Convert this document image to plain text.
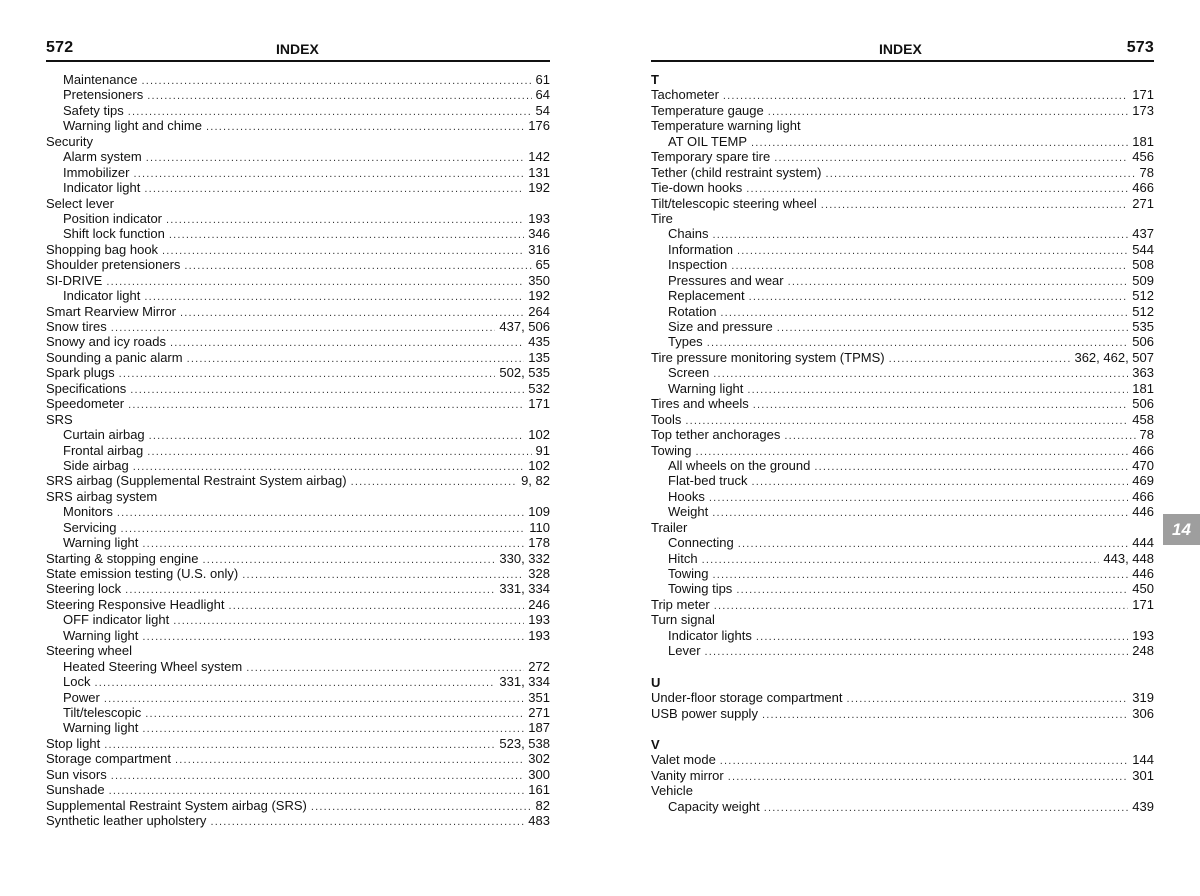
572	INDEX
Maintenance .....	61
Pretensioners .....	64
Safety tips .....	54
Warning light and chime .....	176
Security
Alarm system .....	142
Immobilizer .....	131
Indicator light .....	192
Select lever
Position indicator .....	193
Shift lock function .....	346
Shopping bag hook .....	316
Shoulder pretensioners .....	65
SI-DRIVE .....	350
Indicator light .....	192
Smart Rearview Mirror .....	264
Snow tires .....	437, 506
Snowy and icy roads .....	435
Sounding a panic alarm .....	135
Spark plugs .....	502, 535
Specifications .....	532
Speedometer .....	171
SRS
Curtain airbag .....	102
Frontal airbag .....	91
Side airbag .....	102
SRS airbag (Supplemental Restraint System airbag) .....	9, 82
SRS airbag system
Monitors .....	109
Servicing .....	110
Warning light .....	178
Starting & stopping engine .....	330, 332
State emission testing (U.S. only) .....	328
Steering lock .....	331, 334
Steering Responsive Headlight .....	246
OFF indicator light .....	193
Warning light .....	193
Steering wheel
Heated Steering Wheel system .....	272
Lock .....	331, 334
Power .....	351
Tilt/telescopic .....	271
Warning light .....	187
Stop light .....	523, 538
Storage compartment .....	302
Sun visors .....	300
Sunshade .....	161
Supplemental Restraint System airbag (SRS) .....	82
Synthetic leather upholstery .....	483
INDEX	573
T
Tachometer .....	171
Temperature gauge .....	173
Temperature warning light
AT OIL TEMP .....	181
Temporary spare tire .....	456
Tether (child restraint system) .....	78
Tie-down hooks .....	466
Tilt/telescopic steering wheel .....	271
Tire
Chains .....	437
Information .....	544
Inspection .....	508
Pressures and wear .....	509
Replacement .....	512
Rotation .....	512
Size and pressure .....	535
Types .....	506
Tire pressure monitoring system (TPMS) .....	362, 462, 507
Screen .....	363
Warning light .....	181
Tires and wheels .....	506
Tools .....	458
Top tether anchorages .....	78
Towing .....	466
All wheels on the ground .....	470
Flat-bed truck .....	469
Hooks .....	466
Weight .....	446
Trailer
Connecting .....	444
Hitch .....	443, 448
Towing .....	446
Towing tips .....	450
Trip meter .....	171
Turn signal
Indicator lights .....	193
Lever .....	248
U
Under-floor storage compartment .....	319
USB power supply .....	306
V
Valet mode .....	144
Vanity mirror .....	301
Vehicle
Capacity weight .....	439
14
